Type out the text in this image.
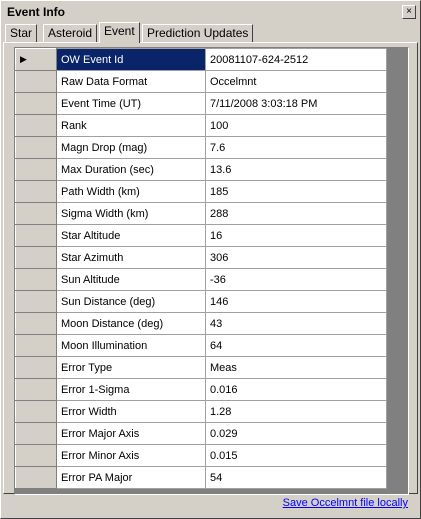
Event Info	×
Star	Asteroid Event	Prediction Updates
▶	OW Event Id	20081107-624-2512
	Raw Data Format	Occelmnt
	Event Time (UT)	7/11/2008 3:03:18 PM
	Rank	100
	Magn Drop (mag)	7.6
	Max Duration (sec)	13.6
	Path Width (km)	185
	Sigma Width (km)	288
	Star Altitude	16
	Star Azimuth	306
	Sun Altitude	-36
	Sun Distance (deg)	146
	Moon Distance (deg)	43
	Moon Illumination	64
	Error Type	Meas
	Error 1-Sigma	0.016
	Error Width	1.28
	Error Major Axis	0.029
	Error Minor Axis	0.015
	Error PA Major	54
Save Occelmnt file locally
